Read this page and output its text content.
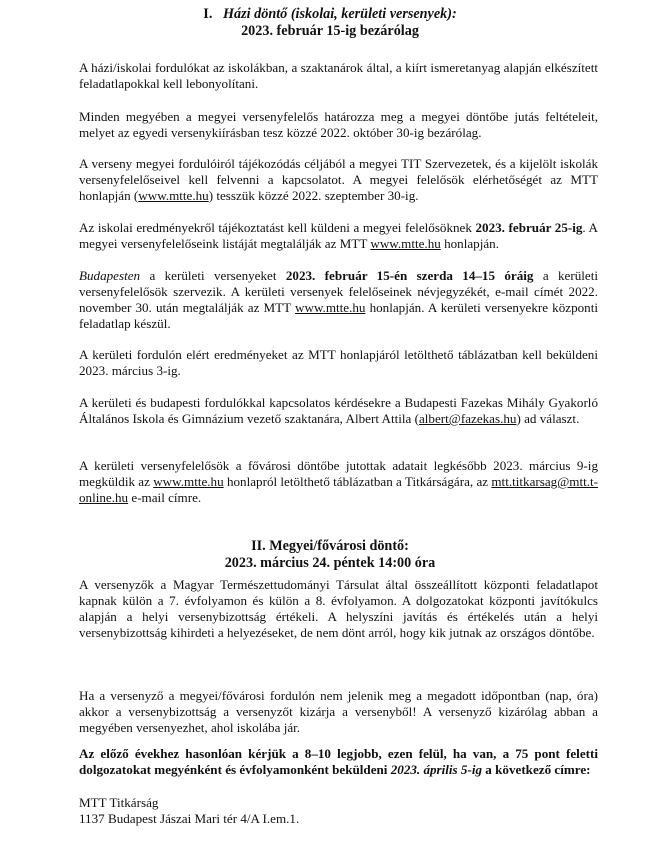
I. Házi döntő (iskolai, kerületi versenyek):
2023. február 15-ig bezárólag

A házi/iskolai fordulókat az iskolákban, a szaktanárok által, a kiírt ismeretanyag alapján elkészített feladatlapokkal kell lebonyolítani.

Minden megyében a megyei versenyfelelős határozza meg a megyei döntőbe jutás feltételeit, melyet az egyedi versenykiírásban tesz közzé 2022. október 30-ig bezárólag.

A verseny megyei fordulóiról tájékozódás céljából a megyei TIT Szervezetek, és a kijelölt iskolák versenyfelelőseivel kell felvenni a kapcsolatot. A megyei felelősök elérhetőségét az MTT honlapján (www.mtte.hu) tesszük közzé 2022. szeptember 30-ig.

Az iskolai eredményekről tájékoztatást kell küldeni a megyei felelősöknek 2023. február 25-ig. A megyei versenyfelelőseink listáját megtalálják az MTT www.mtte.hu honlapján.

Budapesten a kerületi versenyeket 2023. február 15-én szerda 14–15 óráig a kerületi versenyfelelősök szervezik. A kerületi versenyek felelőseinek névjegyzékét, e-mail címét 2022. november 30. után megtalálják az MTT www.mtte.hu honlapján. A kerületi versenyekre központi feladatlap készül.

A kerületi fordulón elért eredményeket az MTT honlapjáról letölthető táblázatban kell beküldeni 2023. március 3-ig.

A kerületi és budapesti fordulókkal kapcsolatos kérdésekre a Budapesti Fazekas Mihály Gyakorló Általános Iskola és Gimnázium vezető szaktanára, Albert Attila (albert@fazekas.hu) ad választ.

A kerületi versenyfelelősök a fővárosi döntőbe jutottak adatait legkésőbb 2023. március 9-ig megküldik az www.mtte.hu honlapról letölthető táblázatban a Titkárságára, az mtt.titkarsag@mtt.t-online.hu e-mail címre.

II. Megyei/fővárosi döntő:
2023. március 24. péntek 14:00 óra

A versenyzők a Magyar Természettudományi Társulat által összeállított központi feladatlapot kapnak külön a 7. évfolyamon és külön a 8. évfolyamon. A dolgozatokat központi javítókulcs alapján a helyi versenybizottság értékeli. A helyszíni javítás és értékelés után a helyi versenybizottság kihirdeti a helyezéseket, de nem dönt arról, hogy kik jutnak az országos döntőbe.

Ha a versenyző a megyei/fővárosi fordulón nem jelenik meg a megadott időpontban (nap, óra) akkor a versenybizottság a versenyzőt kizárja a versenyből! A versenyző kizárólag abban a megyében versenyezhet, ahol iskolába jár.

Az előző évekhez hasonlóan kérjük a 8–10 legjobb, ezen felül, ha van, a 75 pont feletti dolgozatokat megyénként és évfolyamonként beküldeni 2023. április 5-ig a következő címre:

MTT Titkárság
1137 Budapest Jászai Mari tér 4/A I.em.1.
